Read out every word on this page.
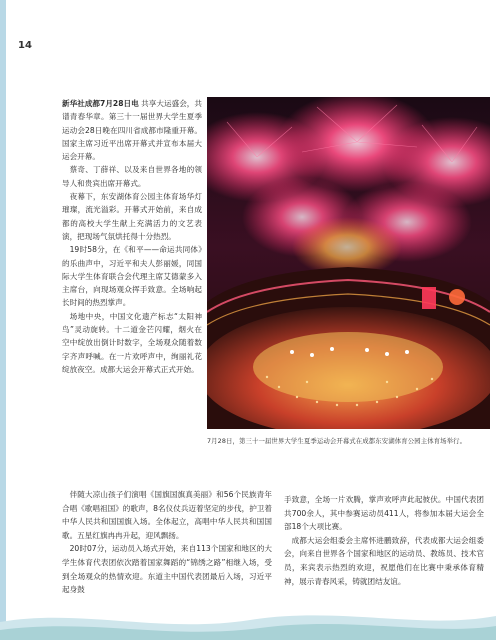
14

新华社成都7月28日电 共享大运盛会，共谱青春华章。第三十一届世界大学生夏季运动会28日晚在四川省成都市隆重开幕。国家主席习近平出席开幕式并宣布本届大运会开幕。

蔡奇、丁薛祥、以及来自世界各地的领导人和贵宾出席开幕式。

夜幕下，东安湖体育公园主体育场华灯璀璨，流光溢彩。开幕式开始前，来自成都的高校大学生献上充满活力的文艺表演，把现场气氛烘托得十分热烈。

19时58分，在《和平——命运共同体》的乐曲声中，习近平和夫人彭丽媛，同国际大学生体育联合会代理主席艾德蒙多入主席台，向现场观众挥手致意。全场响起长时间的热烈掌声。

场地中央，中国文化遗产标志“太阳神鸟”灵动旋转。十二道金芒闪耀，烟火在空中绽放出倒计时数字，全场观众随着数字齐声呼喊。在一片欢呼声中，绚丽礼花绽放夜空。成都大运会开幕式正式开始。

7月28日，第三十一届世界大学生夏季运动会开幕式在成都东安湖体育公园主体育场举行。

伴随大凉山孩子们演唱《国旗国旗真美丽》和56个民族青年合唱《歌唱祖国》的歌声，8名仪仗兵迈着坚定的步伐，护卫着中华人民共和国国旗入场。全体起立，高唱中华人民共和国国歌。五星红旗冉冉升起，迎风飘扬。

20时07分，运动员入场式开始，来自113个国家和地区的大学生体育代表团依次踏着国家舞蹈的“锦绣之路”相继入场，受到全场观众的热情欢迎。东道主中国代表团最后入场，习近平起身鼓

手致意，全场一片欢腾，掌声欢呼声此起彼伏。中国代表团共700余人，其中参赛运动员411人，将参加本届大运会全部18个大项比赛。

成都大运会组委会主席怀进鹏致辞，代表成都大运会组委会，向来自世界各个国家和地区的运动员、教练员、技术官员，来宾表示热烈的欢迎，祝愿他们在比赛中秉承体育精神，展示青春风采，铸就团结友谊。
